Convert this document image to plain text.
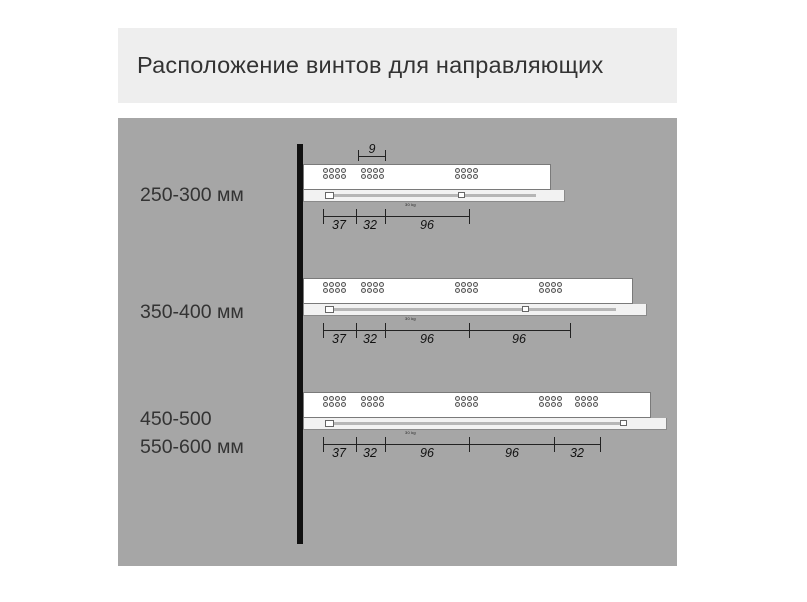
Расположение винтов для направляющих
250-300 мм
350-400 мм
450-500
550-600 мм
9
30 kg
37 32	96
30 kg
37 32	96	96
30 kg
37 32	96	96	32
